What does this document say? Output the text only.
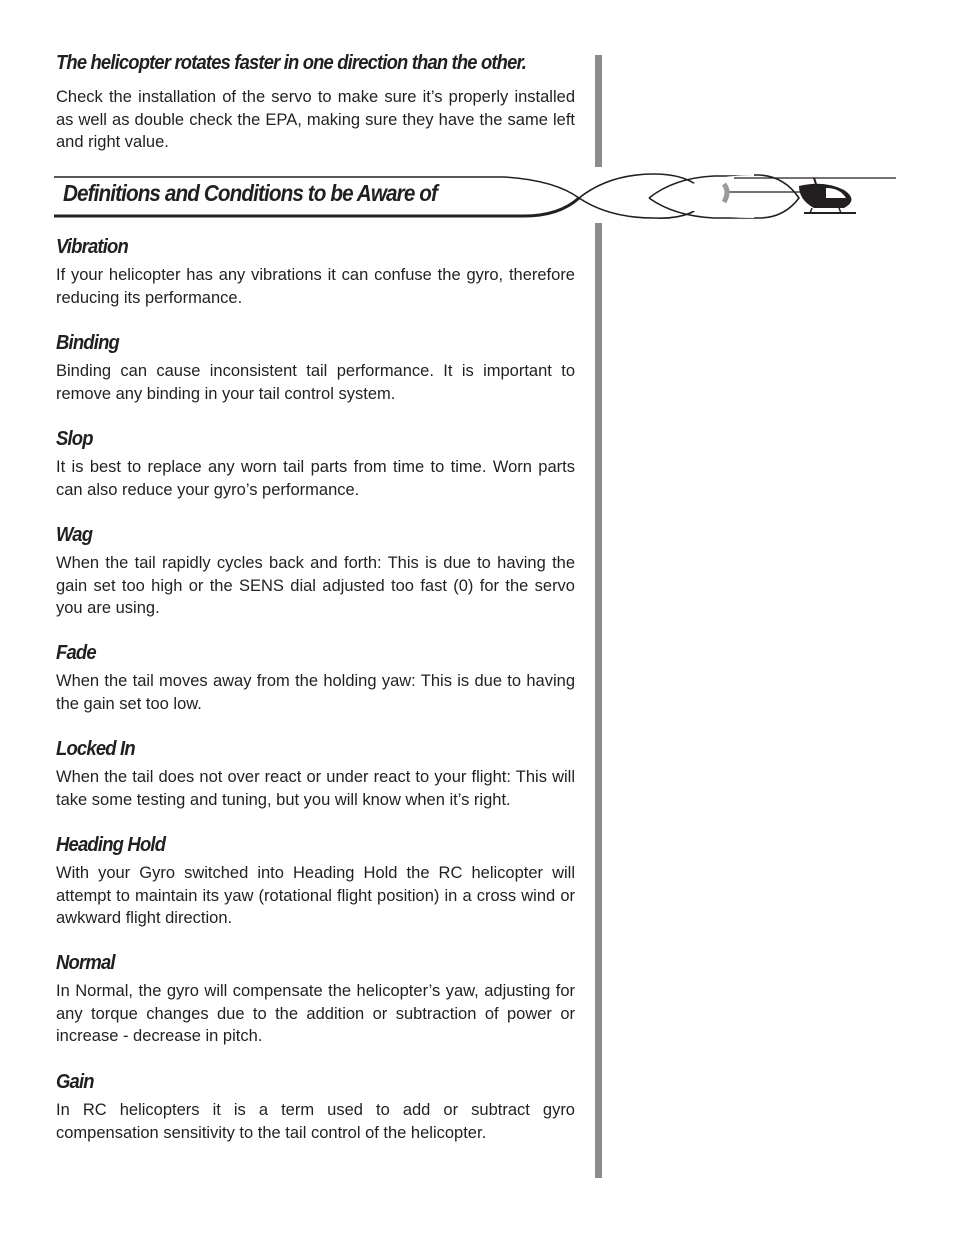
The helicopter rotates faster in one direction than the other.

Check the installation of the servo to make sure it’s properly installed as well as double check the EPA, making sure they have the same left and right value.

Definitions and Conditions to be Aware of
Vibration

If your helicopter has any vibrations it can confuse the gyro, therefore reducing its performance.

Binding

Binding can cause inconsistent tail performance. It is important to remove any binding in your tail control system.

Slop

It is best to replace any worn tail parts from time to time. Worn parts can also reduce your gyro’s performance.

Wag

When the tail rapidly cycles back and forth: This is due to having the gain set too high or the SENS dial adjusted too fast (0) for the servo you are using.

Fade

When the tail moves away from the holding yaw: This is due to having the gain set too low.

Locked In

When the tail does not over react or under react to your flight: This will take some testing and tuning, but you will know when it’s right.

Heading Hold

With your Gyro switched into Heading Hold the RC helicopter will attempt to maintain its yaw (rotational flight position) in a cross wind or awkward flight direction.

Normal

In Normal, the gyro will compensate the helicopter’s yaw, adjusting for any torque changes due to the addition or subtraction of power or increase - decrease in pitch.

Gain

In RC helicopters it is a term used to add or subtract gyro compensation sensitivity to the tail control of the helicopter.
